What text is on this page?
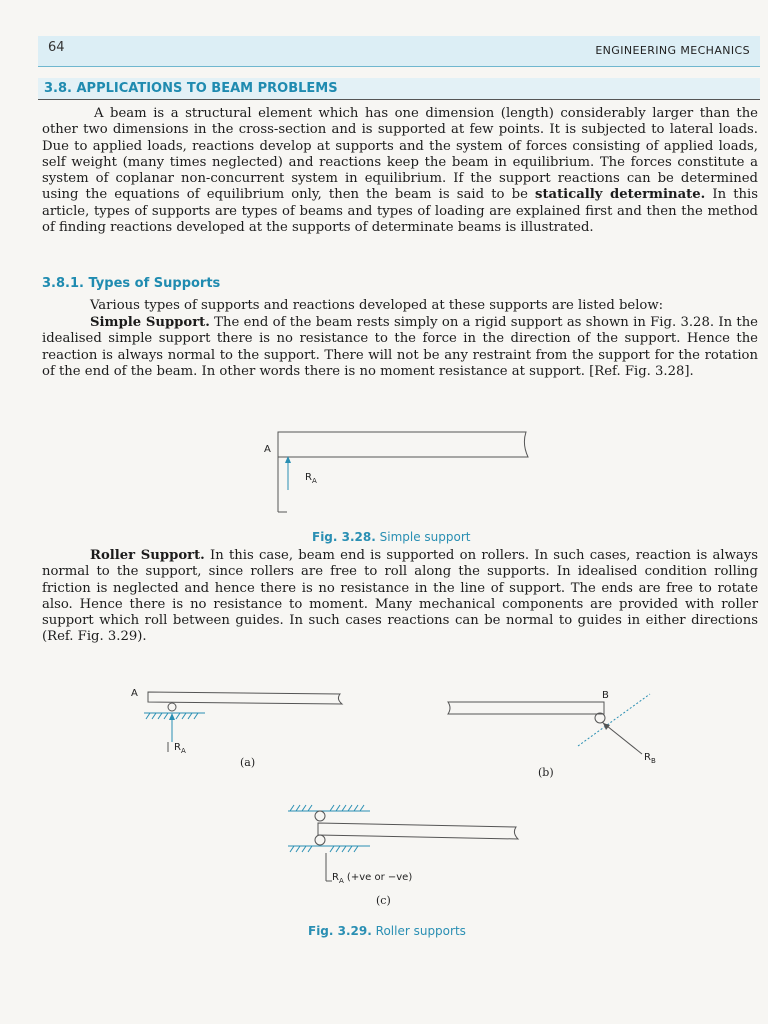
64	ENGINEERING MECHANICS
3.8. APPLICATIONS TO BEAM PROBLEMS

A beam is a structural element which has one dimension (length) considerably larger than the other two dimensions in the cross-section and is supported at few points. It is subjected to lateral loads. Due to applied loads, reactions develop at supports and the system of forces consisting of applied loads, self weight (many times neglected) and reactions keep the beam in equilibrium. The forces constitute a system of coplanar non-concurrent system in equilibrium. If the support reactions can be determined using the equations of equilibrium only, then the beam is said to be statically determinate. In this article, types of supports are types of beams and types of loading are explained first and then the method of finding reactions developed at the supports of determinate beams is illustrated.

3.8.1. Types of Supports

Various types of supports and reactions developed at these supports are listed below:

Simple Support. The end of the beam rests simply on a rigid support as shown in Fig. 3.28. In the idealised simple support there is no resistance to the force in the direction of the support. Hence the reaction is always normal to the support. There will not be any restraint from the support for the rotation of the end of the beam. In other words there is no moment resistance at support. [Ref. Fig. 3.28].

A
$R_A$
Fig. 3.28. Simple support

Roller Support. In this case, beam end is supported on rollers. In such cases, reaction is always normal to the support, since rollers are free to roll along the supports. In idealised condition rolling friction is neglected and hence there is no resistance in the line of support. The ends are free to rotate also. Hence there is no resistance to moment. Many mechanical components are provided with roller support which roll between guides. In such cases reactions can be normal to guides in either directions (Ref. Fig. 3.29).

A
$R_A$
(a)
B
$R_B$
(b)
$R_A$ (+ve or −ve)
(c)
Fig. 3.29. Roller supports
